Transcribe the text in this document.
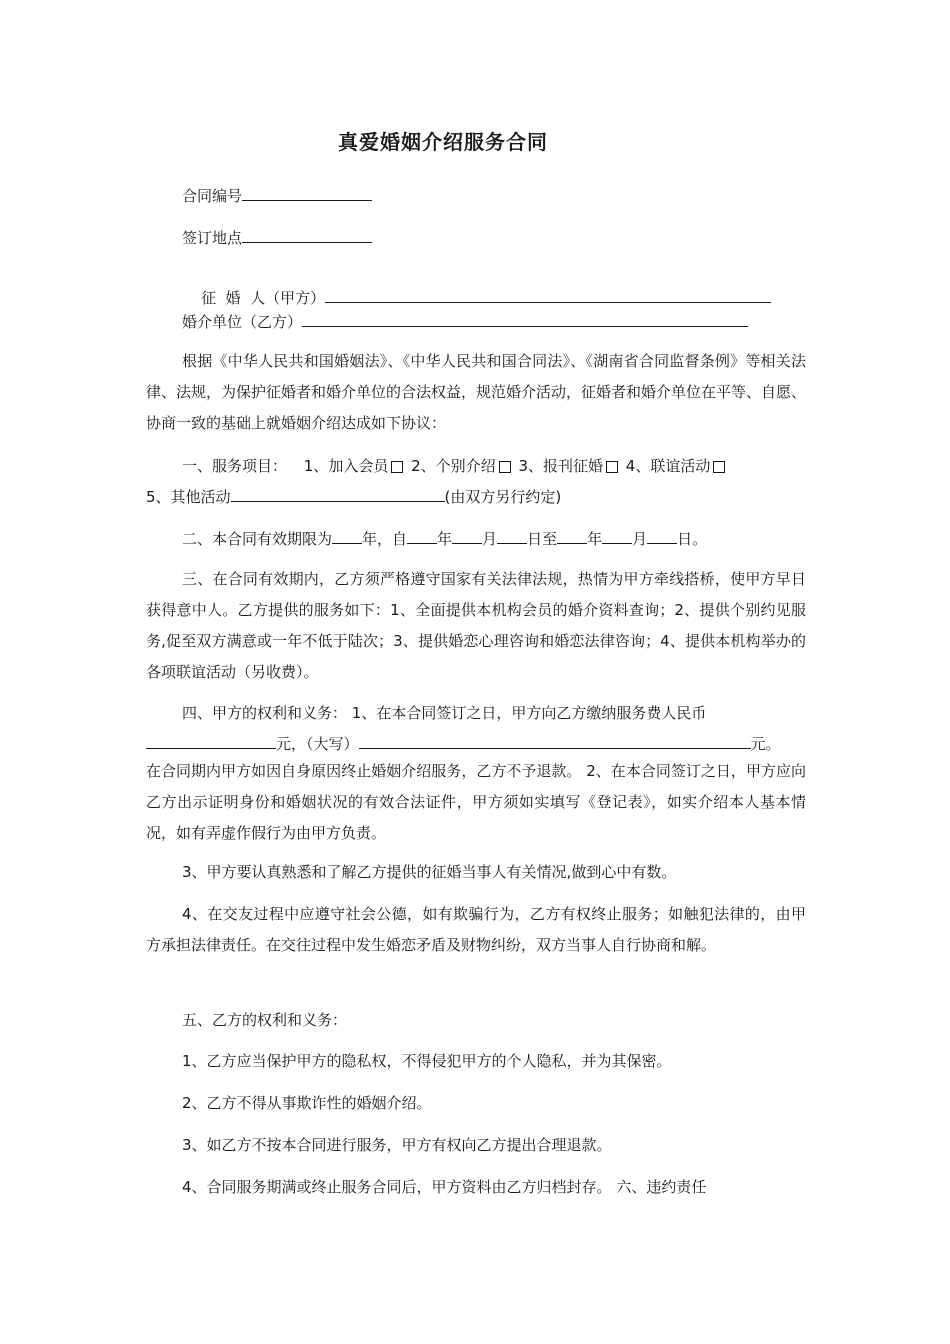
真爱婚姻介绍服务合同
合同编号
签订地点

征  婚  人（甲方）

婚介单位（乙方）

根据《中华人民共和国婚姻法》、《中华人民共和国合同法》、《湖南省合同监督条例》等相关法律、法规，为保护征婚者和婚介单位的合法权益，规范婚介活动，征婚者和婚介单位在平等、自愿、协商一致的基础上就婚姻介绍达成如下协议：

一、服务项目： 1、加入会员 2、个别介绍 3、报刊征婚 4、联谊活动
5、其他活动	(由双方另行约定)
二、本合同有效期限为 年，自 年 月 日至 年 月 日。

三、在合同有效期内，乙方须严格遵守国家有关法律法规，热情为甲方牵线搭桥，使甲方早日获得意中人。乙方提供的服务如下：1、全面提供本机构会员的婚介资料查询；2、提供个别约见服务,促至双方满意或一年不低于陆次；3、提供婚恋心理咨询和婚恋法律咨询；4、提供本机构举办的各项联谊活动（另收费）。

四、甲方的权利和义务： 1、在本合同签订之日，甲方向乙方缴纳服务费人民币
元，（大写）	元。

在合同期内甲方如因自身原因终止婚姻介绍服务，乙方不予退款。 2、在本合同签订之日，甲方应向乙方出示证明身份和婚姻状况的有效合法证件，甲方须如实填写《登记表》，如实介绍本人基本情况，如有弄虚作假行为由甲方负责。

3、甲方要认真熟悉和了解乙方提供的征婚当事人有关情况,做到心中有数。

4、在交友过程中应遵守社会公德，如有欺骗行为，乙方有权终止服务；如触犯法律的，由甲方承担法律责任。在交往过程中发生婚恋矛盾及财物纠纷，双方当事人自行协商和解。

五、乙方的权利和义务：

1、乙方应当保护甲方的隐私权，不得侵犯甲方的个人隐私，并为其保密。

2、乙方不得从事欺诈性的婚姻介绍。

3、如乙方不按本合同进行服务，甲方有权向乙方提出合理退款。

4、合同服务期满或终止服务合同后，甲方资料由乙方归档封存。 六、违约责任
